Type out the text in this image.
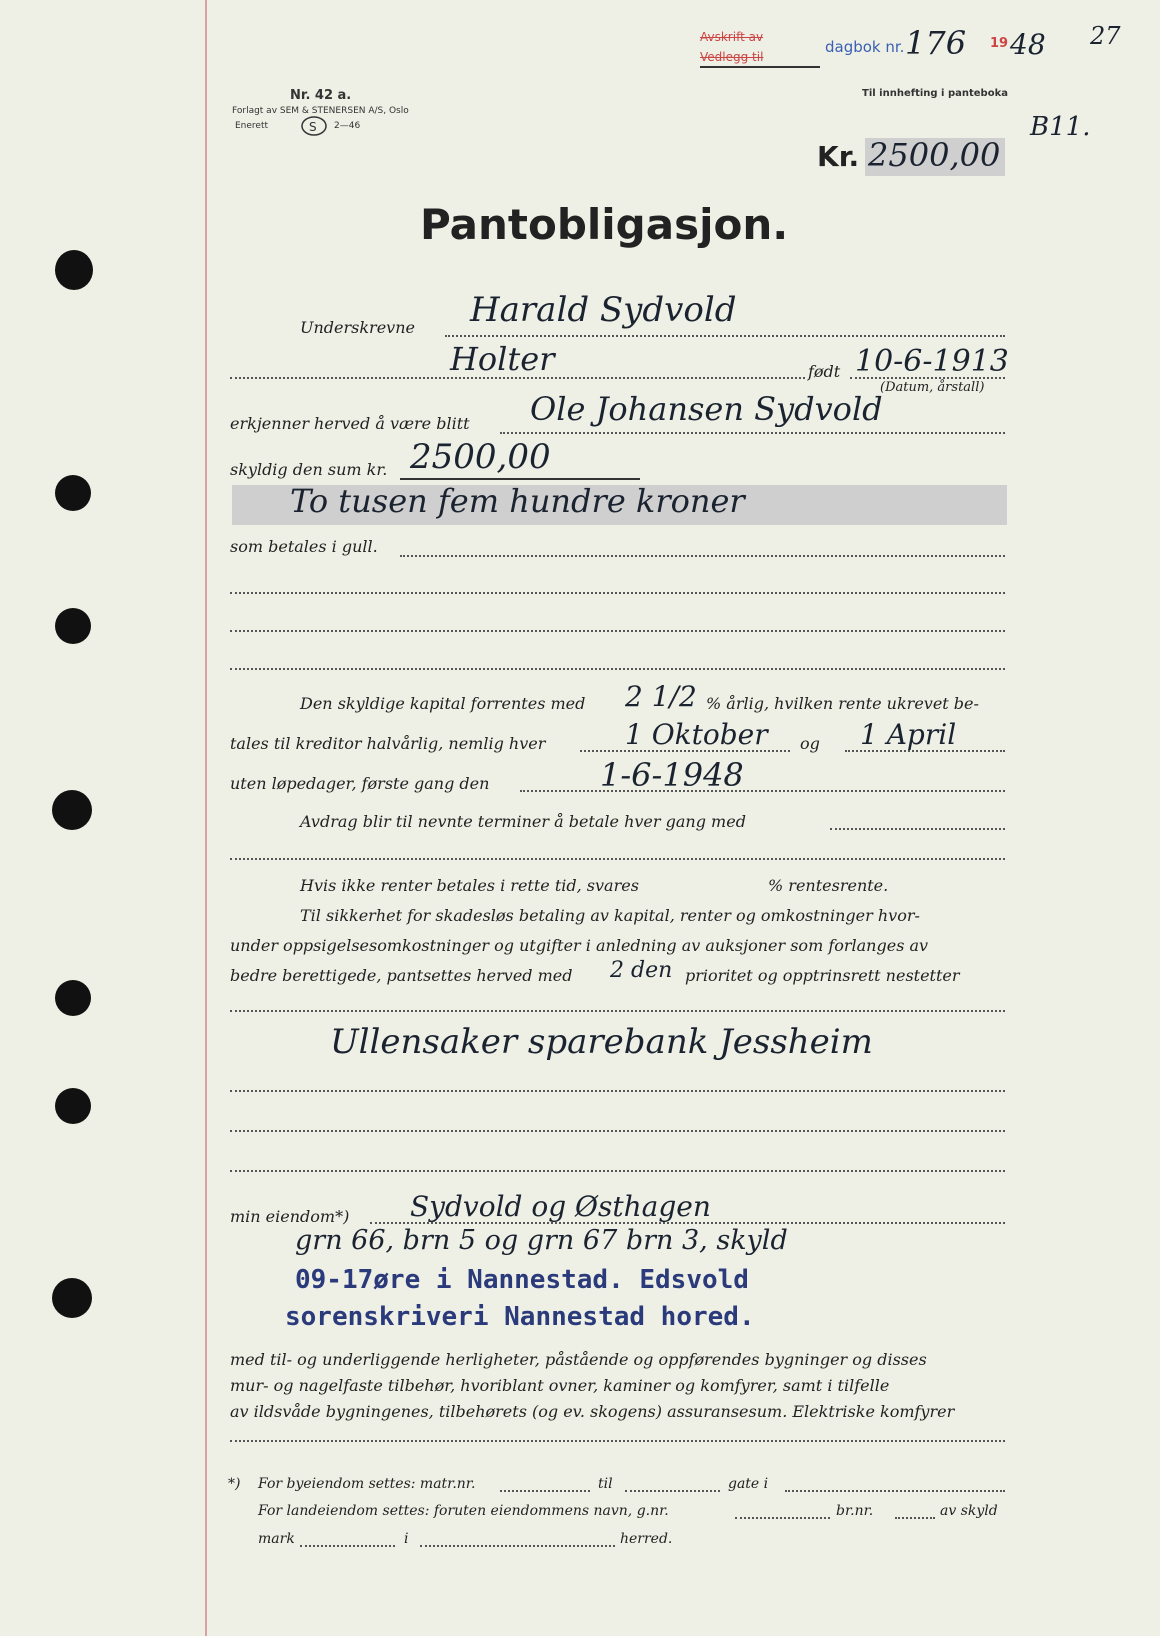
Nr. 42 a.
Forlagt av SEM & STENERSEN A/S, Oslo
Enerett	S 2—46
Avskrift av
Vedlegg til
dagbok nr. 176 19 48 27
Til innhefting i panteboka
B11.
Kr. 2500,00
Pantobligasjon.
Underskrevne Harald Sydvold
Holter	født 10-6-1913
(Datum, årstall)
erkjenner herved å være blitt Ole Johansen Sydvold
skyldig den sum kr. 2500,00
To tusen fem hundre kroner
som betales i gull.
Den skyldige kapital forrentes med 2 1/2 % årlig, hvilken rente ukrevet be-
tales til kreditor halvårlig, nemlig hver	1 Oktober og 1 April
uten løpedager, første gang den	1-6-1948
Avdrag blir til nevnte terminer å betale hver gang med
Hvis ikke renter betales i rette tid, svares	% rentesrente.
Til sikkerhet for skadesløs betaling av kapital, renter og omkostninger hvor-
under oppsigelsesomkostninger og utgifter i anledning av auksjoner som forlanges av
bedre berettigede, pantsettes herved med 2 den prioritet og opptrinsrett nestetter
Ullensaker sparebank Jessheim
min eiendom*) Sydvold og Østhagen
grn 66, brn 5 og grn 67 brn 3, skyld
09-17øre i Nannestad. Edsvold
sorenskriveri Nannestad hored.
med til- og underliggende herligheter, påstående og oppførendes bygninger og disses
mur- og nagelfaste tilbehør, hvoriblant ovner, kaminer og komfyrer, samt i tilfelle
av ildsvåde bygningenes, tilbehørets (og ev. skogens) assuransesum. Elektriske komfyrer
*) For byeiendom settes: matr.nr.	til	gate i
For landeiendom settes: foruten eiendommens navn, g.nr.	br.nr.	av skyld
mark	i	herred.
